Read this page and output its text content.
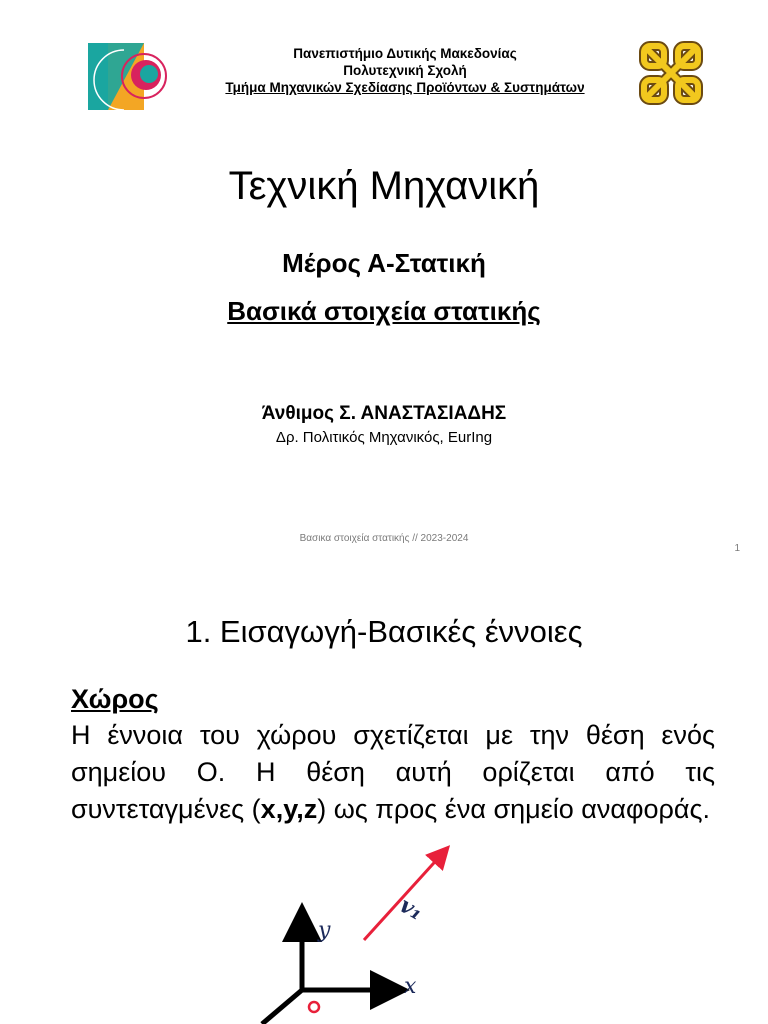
Πανεπιστήμιο Δυτικής Μακεδονίας
Πολυτεχνική Σχολή
Τμήμα Μηχανικών Σχεδίασης Προϊόντων & Συστημάτων
Τεχνική Μηχανική
Μέρος Α-Στατική
Βασικά στοιχεία στατικής
Άνθιμος Σ. ΑΝΑΣΤΑΣΙΑΔΗΣ
Δρ. Πολιτικός Μηχανικός, EurIng
Βασικα στοιχεία στατικής // 2023-2024
1
1. Εισαγωγή-Βασικές έννοιες
Χώρος
Η έννοια του χώρου σχετίζεται με την θέση ενός σημείου Ο. Η θέση αυτή ορίζεται από τις συντεταγμένες (x,y,z) ως προς ένα σημείο αναφοράς.
y
x
v₁
